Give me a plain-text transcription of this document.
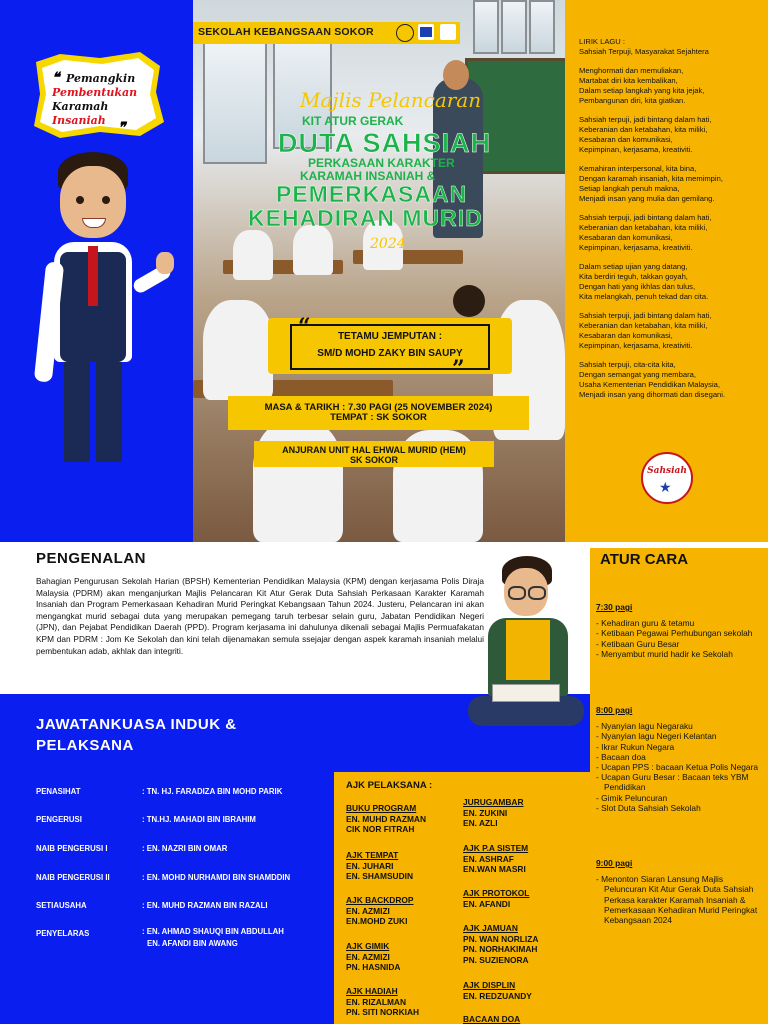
SEKOLAH KEBANGSAAN SOKOR
❝ Pemangkin
Pembentukan
Karamah
Insaniah ❞
Majlis Pelancaran
KIT ATUR GERAK
DUTA SAHSIAH
PERKASAAN KARAKTER
KARAMAH INSANIAH &
PEMERKASAAN
KEHADIRAN MURID
2024
“	TETAMU JEMPUTAN :
SM/D MOHD ZAKY BIN SAUPY
”
MASA & TARIKH : 7.30 PAGI (25 NOVEMBER 2024)
TEMPAT : SK SOKOR
ANJURAN UNIT HAL EHWAL MURID (HEM)
SK SOKOR

LIRIK LAGU :
Sahsiah Terpuji, Masyarakat Sejahtera

Menghormati dan memuliakan,
Martabat diri kita kembalikan,
Dalam setiap langkah yang kita jejak,
Pembangunan diri, kita giatkan.

Sahsiah terpuji, jadi bintang dalam hati,
Keberanian dan ketabahan, kita miliki,
Kesabaran dan komunikasi,
Kepimpinan, kerjasama, kreativiti.

Kemahiran interpersonal, kita bina,
Dengan karamah insaniah, kita memimpin,
Setiap langkah penuh makna,
Menjadi insan yang mulia dan gemilang.

Sahsiah terpuji, jadi bintang dalam hati,
Keberanian dan ketabahan, kita miliki,
Kesabaran dan komunikasi,
Kepimpinan, kerjasama, kreativiti.

Dalam setiap ujian yang datang,
Kita berdiri teguh, takkan goyah,
Dengan hati yang ikhlas dan tulus,
Kita melangkah, penuh tekad dan cita.

Sahsiah terpuji, jadi bintang dalam hati,
Keberanian dan ketabahan, kita miliki,
Kesabaran dan komunikasi,
Kepimpinan, kerjasama, kreativiti.

Sahsiah terpuji, cita-cita kita,
Dengan semangat yang membara,
Usaha Kementerian Pendidikan Malaysia,
Menjadi insan yang dihormati dan disegani.

Sahsiah
★
PENGENALAN
Bahagian Pengurusan Sekolah Harian (BPSH) Kementerian Pendidikan Malaysia (KPM) dengan kerjasama Polis Diraja Malaysia (PDRM) akan menganjurkan Majlis Pelancaran Kit Atur Gerak Duta Sahsiah Perkasaan Karakter Karamah Insaniah dan Program Pemerkasaan Kehadiran Murid Peringkat Kebangsaan Tahun 2024. Justeru, Pelancaran ini akan mengangkat murid sebagai duta yang merupakan pemegang taruh terbesar selain guru, Jabatan Pendidikan Negeri (JPN), dan Pejabat Pendidikan Daerah (PPD). Program kerjasama ini dahulunya dikenali sebagai Majlis Permuafakatan KPM dan PDRM : Jom Ke Sekolah dan kini telah dijenamakan semula ssejajar dengan aspek karamah insaniah melalui pembentukan adab, akhlak dan integriti.
ATUR CARA
7:30 pagi
- Kehadiran guru & tetamu
- Ketibaan Pegawai Perhubungan sekolah
- Ketibaan Guru Besar
- Menyambut murid hadir ke Sekolah
8:00 pagi
- Nyanyian lagu Negaraku
- Nyanyian lagu Negeri Kelantan
- Ikrar Rukun Negara
- Bacaan doa
- Ucapan PPS : bacaan Ketua Polis Negara
- Ucapan Guru Besar : Bacaan teks YBM Pendidikan
- Gimik Peluncuran
- Slot Duta Sahsiah Sekolah
9:00 pagi
- Menonton Siaran Lansung Majlis Peluncuran Kit Atur Gerak Duta Sahsiah Perkasa karakter Karamah Insaniah & Pemerkasaan Kehadiran Murid Peringkat Kebangsaan 2024
JAWATANKUASA INDUK &
PELAKSANA
PENASIHAT	: TN. HJ. FARADIZA BIN MOHD PARIK
PENGERUSI	: TN.HJ. MAHADI BIN IBRAHIM
NAIB PENGERUSI I	: EN. NAZRI BIN OMAR
NAIB PENGERUSI II	: EN. MOHD NURHAMDI BIN SHAMDDIN
SETIAUSAHA	: EN. MUHD RAZMAN BIN RAZALI
PENYELARAS	: EN. AHMAD SHAUQI BIN ABDULLAH
EN. AFANDI BIN AWANG
AJK PELAKSANA :
BUKU PROGRAM
EN. MUHD RAZMAN
CIK NOR FITRAH
AJK TEMPAT
EN. JUHARI
EN. SHAMSUDIN
AJK BACKDROP
EN. AZMIZI
EN.MOHD ZUKI
AJK GIMIK
EN. AZMIZI
PN. HASNIDA
AJK HADIAH
EN. RIZALMAN
PN. SITI NORKIAH
JURUGAMBAR
EN. ZUKINI
EN. AZLI
AJK P.A SISTEM
EN. ASHRAF
EN.WAN MASRI
AJK PROTOKOL
EN. AFANDI
AJK JAMUAN
PN. WAN NORLIZA
PN. NORHAKIMAH
PN. SUZIENORA
AJK DISPLIN
EN. REDZUANDY
BACAAN DOA
